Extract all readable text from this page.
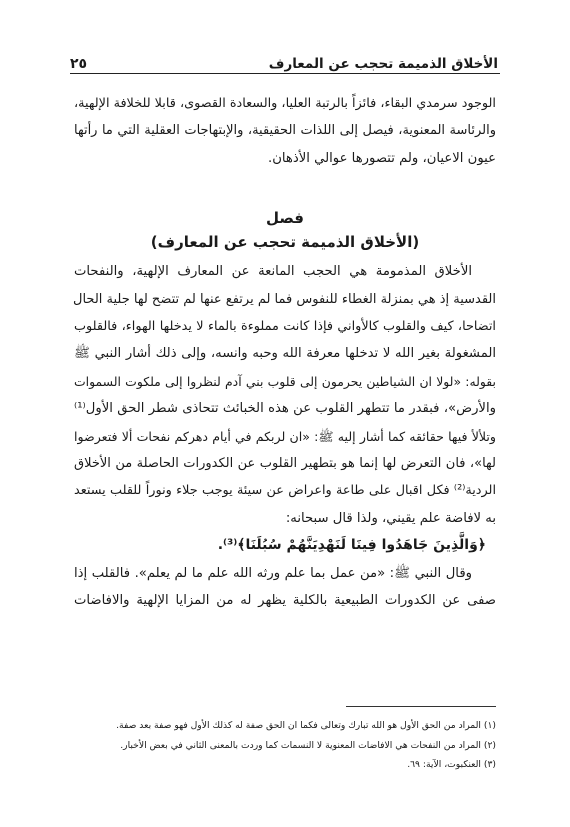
الأخلاق الذميمة تحجب عن المعارف
٢٥
الوجود سرمدي البقاء، فائزاً بالرتبة العليا، والسعادة القصوى، قابلا للخلافة الإلهية،
والرئاسة المعنوية، فيصل إلى اللذات الحقيقية، والإبتهاجات العقلية التي ما رأتها
عيون الاعيان، ولم تتصورها عوالي الأذهان.
فصل
(الأخلاق الذميمة تحجب عن المعارف)
الأخلاق المذمومة هي الحجب المانعة عن المعارف الإلهية، والنفحات
القدسية إذ هي بمنزلة الغطاء للنفوس فما لم يرتفع عنها لم تتضح لها جلية الحال
اتضاحا، كيف والقلوب كالأواني فإذا كانت مملوءة بالماء لا يدخلها الهواء، فالقلوب
المشغولة بغير الله لا تدخلها معرفة الله وحبه وانسه، وإلى ذلك أشار النبي ﷺ
بقوله: «لولا ان الشياطين يحرمون إلى قلوب بني آدم لنظروا إلى ملكوت السموات
والأرض»، فبقدر ما تتطهر القلوب عن هذه الخبائث تتحاذى شطر الحق الأول⁽¹⁾
وتلألأ فيها حقائقه كما أشار إليه ﷺ: «ان لربكم في أيام دهركم نفحات ألا فتعرضوا
لها»، فان التعرض لها إنما هو بتطهير القلوب عن الكدورات الحاصلة من الأخلاق
الردية⁽²⁾ فكل اقبال على طاعة واعراض عن سيئة يوجب جلاء ونوراً للقلب يستعد
به لافاضة علم يقيني، ولذا قال سبحانه:
﴿وَالَّذِينَ جَاهَدُوا فِينَا لَنَهْدِيَنَّهُمْ سُبُلَنَا﴾⁽³⁾.
وقال النبي ﷺ: «من عمل بما علم ورثه الله علم ما لم يعلم». فالقلب إذا
صفى عن الكدورات الطبيعية بالكلية يظهر له من المزايا الإلهية والافاضات
(١) المراد من الحق الأول هو الله تبارك وتعالى فكما ان الحق صفة له كذلك الأول فهو صفة بعد صفة.
(٢) المراد من النفحات هي الافاضات المعنوية لا النسمات كما وردت بالمعنى الثاني في بعض الأخبار.
(٣) العنكبوت، الآية: ٦٩.
